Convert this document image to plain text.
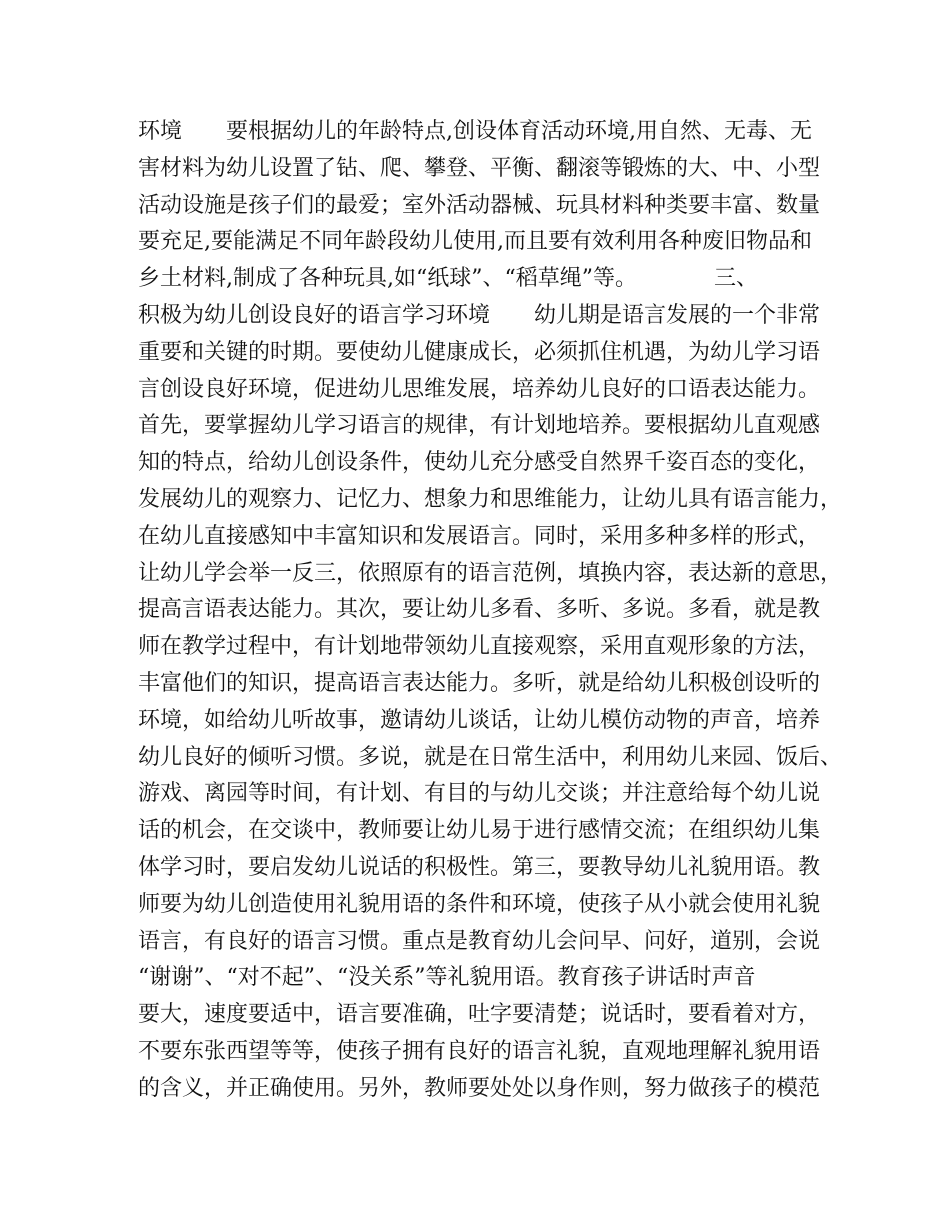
环境　　要根据幼儿的年龄特点,创设体育活动环境,用自然、无毒、无
害材料为幼儿设置了钻、爬、攀登、平衡、翻滚等锻炼的大、中、小型
活动设施是孩子们的最爱；室外活动器械、玩具材料种类要丰富、数量
要充足,要能满足不同年龄段幼儿使用,而且要有效利用各种废旧物品和
乡土材料,制成了各种玩具,如“纸球”、“稻草绳”等。　　　　三、
积极为幼儿创设良好的语言学习环境　　幼儿期是语言发展的一个非常
重要和关键的时期。要使幼儿健康成长，必须抓住机遇，为幼儿学习语
言创设良好环境，促进幼儿思维发展，培养幼儿良好的口语表达能力。
首先，要掌握幼儿学习语言的规律，有计划地培养。要根据幼儿直观感
知的特点，给幼儿创设条件，使幼儿充分感受自然界千姿百态的变化，
发展幼儿的观察力、记忆力、想象力和思维能力，让幼儿具有语言能力，
在幼儿直接感知中丰富知识和发展语言。同时，采用多种多样的形式，
让幼儿学会举一反三，依照原有的语言范例，填换内容，表达新的意思，
提高言语表达能力。其次，要让幼儿多看、多听、多说。多看，就是教
师在教学过程中，有计划地带领幼儿直接观察，采用直观形象的方法，
丰富他们的知识，提高语言表达能力。多听，就是给幼儿积极创设听的
环境，如给幼儿听故事，邀请幼儿谈话，让幼儿模仿动物的声音，培养
幼儿良好的倾听习惯。多说，就是在日常生活中，利用幼儿来园、饭后、
游戏、离园等时间，有计划、有目的与幼儿交谈；并注意给每个幼儿说
话的机会，在交谈中，教师要让幼儿易于进行感情交流；在组织幼儿集
体学习时，要启发幼儿说话的积极性。第三，要教导幼儿礼貌用语。教
师要为幼儿创造使用礼貌用语的条件和环境，使孩子从小就会使用礼貌
语言，有良好的语言习惯。重点是教育幼儿会问早、问好，道别，会说
“谢谢”、“对不起”、“没关系”等礼貌用语。教育孩子讲话时声音
要大，速度要适中，语言要准确，吐字要清楚；说话时，要看着对方，
不要东张西望等等，使孩子拥有良好的语言礼貌，直观地理解礼貌用语
的含义，并正确使用。另外，教师要处处以身作则，努力做孩子的模范
